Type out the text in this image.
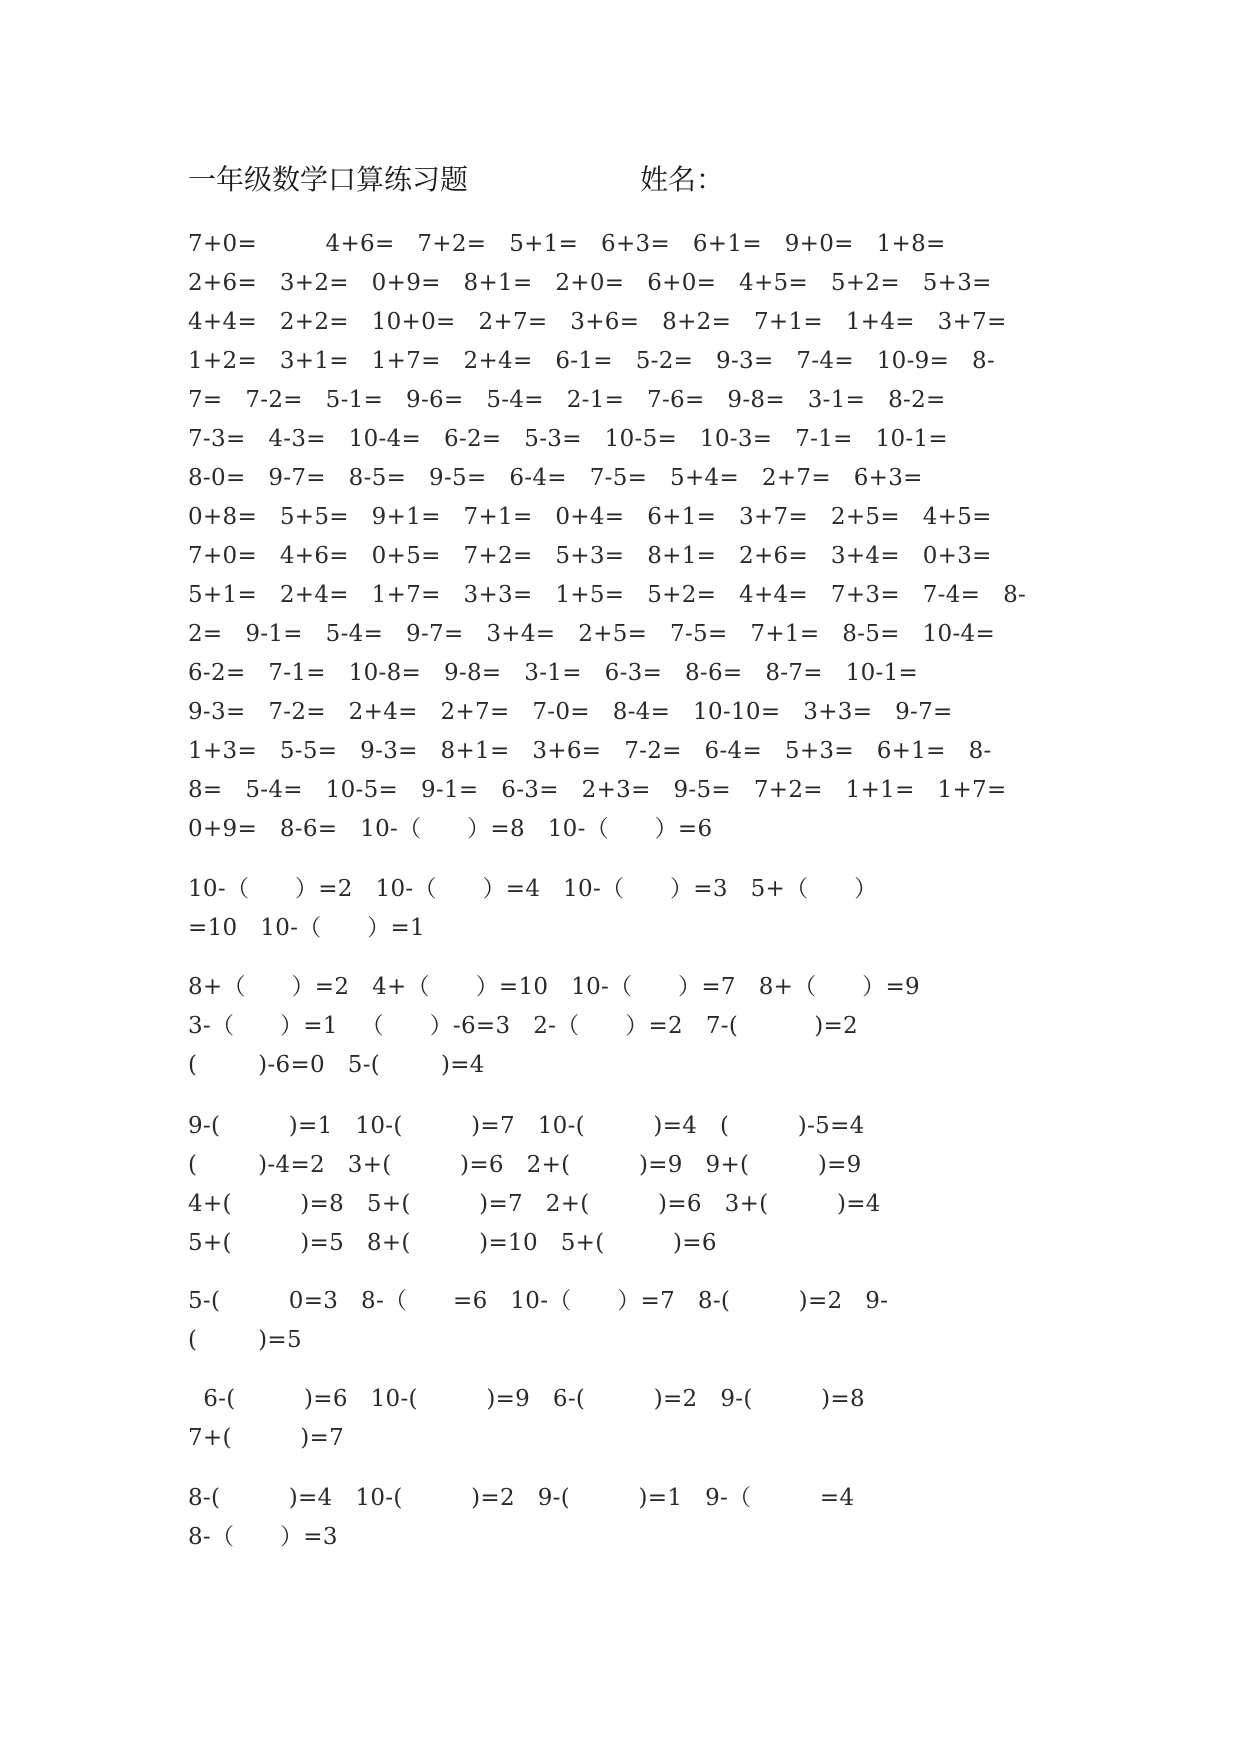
一年级数学口算练习题	姓名：
7+0=         4+6=   7+2=   5+1=   6+3=   6+1=   9+0=   1+8=
2+6=   3+2=   0+9=   8+1=   2+0=   6+0=   4+5=   5+2=   5+3=
4+4=   2+2=   10+0=   2+7=   3+6=   8+2=   7+1=   1+4=   3+7=
1+2=   3+1=   1+7=   2+4=   6-1=   5-2=   9-3=   7-4=   10-9=   8-
7=   7-2=   5-1=   9-6=   5-4=   2-1=   7-6=   9-8=   3-1=   8-2=
7-3=   4-3=   10-4=   6-2=   5-3=   10-5=   10-3=   7-1=   10-1=
8-0=   9-7=   8-5=   9-5=   6-4=   7-5=   5+4=   2+7=   6+3=
0+8=   5+5=   9+1=   7+1=   0+4=   6+1=   3+7=   2+5=   4+5=
7+0=   4+6=   0+5=   7+2=   5+3=   8+1=   2+6=   3+4=   0+3=
5+1=   2+4=   1+7=   3+3=   1+5=   5+2=   4+4=   7+3=   7-4=   8-
2=   9-1=   5-4=   9-7=   3+4=   2+5=   7-5=   7+1=   8-5=   10-4=
6-2=   7-1=   10-8=   9-8=   3-1=   6-3=   8-6=   8-7=   10-1=
9-3=   7-2=   2+4=   2+7=   7-0=   8-4=   10-10=   3+3=   9-7=
1+3=   5-5=   9-3=   8+1=   3+6=   7-2=   6-4=   5+3=   6+1=   8-
8=   5-4=   10-5=   9-1=   6-3=   2+3=   9-5=   7+2=   1+1=   1+7=
0+9=   8-6=   10-（      ）=8   10-（      ）=6
10-（      ）=2   10-（      ）=4   10-（      ）=3   5+（      ）
=10   10-（      ）=1
8+（      ）=2   4+（      ）=10   10-（      ）=7   8+（      ）=9
3-（      ）=1   （      ）-6=3   2-（      ）=2   7-(          )=2
(        )-6=0   5-(        )=4
9-(         )=1   10-(         )=7   10-(         )=4   (         )-5=4
(        )-4=2   3+(         )=6   2+(         )=9   9+(         )=9
4+(         )=8   5+(         )=7   2+(         )=6   3+(         )=4
5+(         )=5   8+(         )=10   5+(         )=6
5-(         0=3   8-（      =6   10-（      ）=7   8-(         )=2   9-
(        )=5
6-(         )=6   10-(         )=9   6-(         )=2   9-(         )=8
7+(         )=7
8-(         )=4   10-(         )=2   9-(         )=1   9-（         =4
8-（      ）=3
